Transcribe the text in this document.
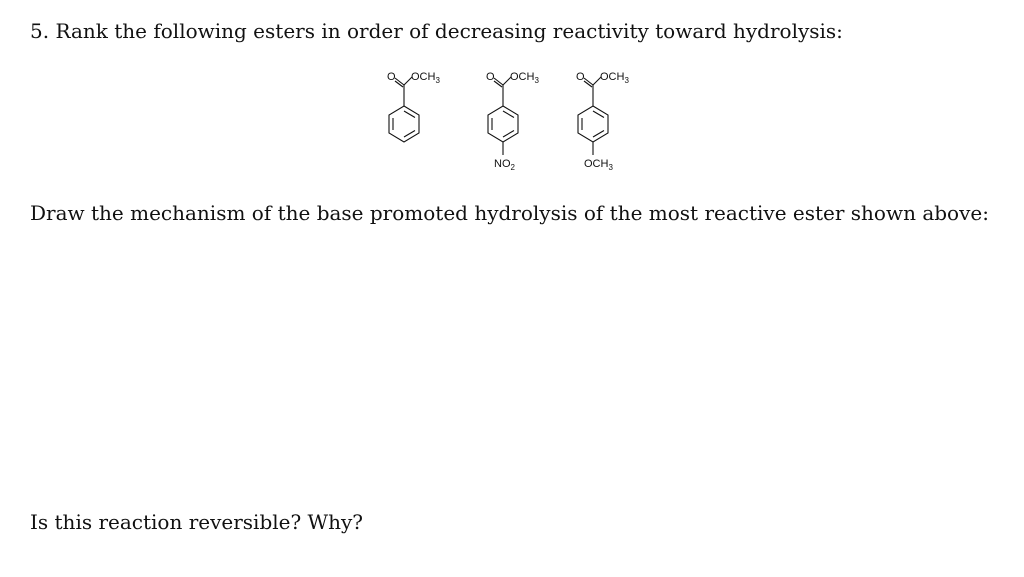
5. Rank the following esters in order of decreasing reactivity toward hydrolysis:
O $OCH_3$	O $OCH_3$
$NO_2$
O $OCH_3$
$OCH_3$
Draw the mechanism of the base promoted hydrolysis of the most reactive ester shown above:
Is this reaction reversible? Why?
